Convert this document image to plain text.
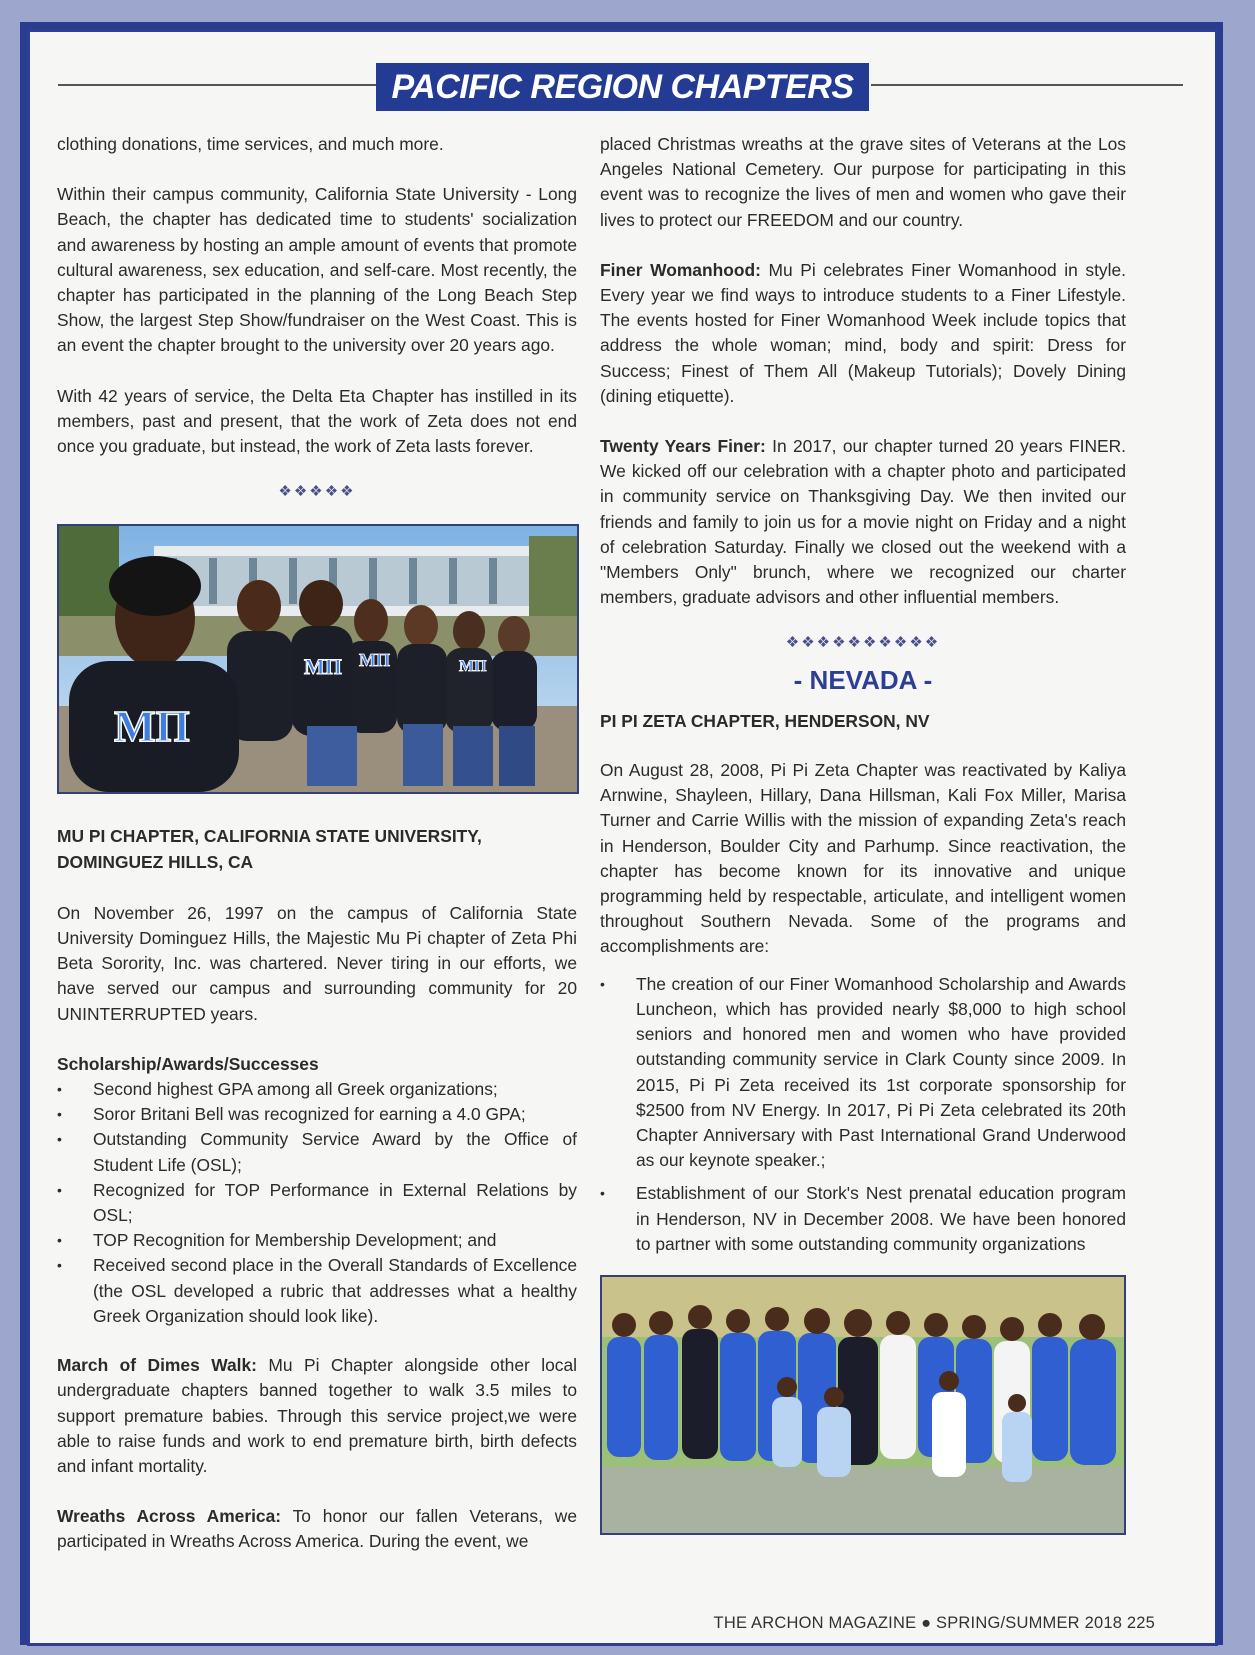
PACIFIC REGION CHAPTERS

clothing donations, time services, and much more.

Within their campus community, California State University - Long Beach, the chapter has dedicated time to students' socialization and awareness by hosting an ample amount of events that promote cultural awareness, sex education, and self-care. Most recently, the chapter has participated in the planning of the Long Beach Step Show, the largest Step Show/fundraiser on the West Coast. This is an event the chapter brought to the university over 20 years ago.

With 42 years of service, the Delta Eta Chapter has instilled in its members, past and present, that the work of Zeta does not end once you graduate, but instead, the work of Zeta lasts forever.

❖❖❖❖❖
ΜΠ
ΜΠ ΜΠ	ΜΠ
MU PI CHAPTER, CALIFORNIA STATE UNIVERSITY,
DOMINGUEZ HILLS, CA

On November 26, 1997 on the campus of California State University Dominguez Hills, the Majestic Mu Pi chapter of Zeta Phi Beta Sorority, Inc. was chartered. Never tiring in our efforts, we have served our campus and surrounding community for 20 UNINTERRUPTED years.

Scholarship/Awards/Successes
• Second highest GPA among all Greek organizations;
• Soror Britani Bell was recognized for earning a 4.0 GPA;
• Outstanding Community Service Award by the Office of Student Life (OSL);
• Recognized for TOP Performance in External Relations by OSL;
• TOP Recognition for Membership Development; and
• Received second place in the Overall Standards of Excellence (the OSL developed a rubric that addresses what a healthy Greek Organization should look like).

March of Dimes Walk: Mu Pi Chapter alongside other local undergraduate chapters banned together to walk 3.5 miles to support premature babies. Through this service project,we were able to raise funds and work to end premature birth, birth defects and infant mortality.

Wreaths Across America: To honor our fallen Veterans, we participated in Wreaths Across America. During the event, we

placed Christmas wreaths at the grave sites of Veterans at the Los Angeles National Cemetery. Our purpose for participating in this event was to recognize the lives of men and women who gave their lives to protect our FREEDOM and our country.

Finer Womanhood: Mu Pi celebrates Finer Womanhood in style. Every year we find ways to introduce students to a Finer Lifestyle. The events hosted for Finer Womanhood Week include topics that address the whole woman; mind, body and spirit: Dress for Success; Finest of Them All (Makeup Tutorials); Dovely Dining (dining etiquette).

Twenty Years Finer: In 2017, our chapter turned 20 years FINER. We kicked off our celebration with a chapter photo and participated in community service on Thanksgiving Day. We then invited our friends and family to join us for a movie night on Friday and a night of celebration Saturday. Finally we closed out the weekend with a "Members Only" brunch, where we recognized our charter members, graduate advisors and other influential members.

❖❖❖❖❖❖❖❖❖❖
- NEVADA -
PI PI ZETA CHAPTER, HENDERSON, NV

On August 28, 2008, Pi Pi Zeta Chapter was reactivated by Kaliya Arnwine, Shayleen, Hillary, Dana Hillsman, Kali Fox Miller, Marisa Turner and Carrie Willis with the mission of expanding Zeta's reach in Henderson, Boulder City and Parhump. Since reactivation, the chapter has become known for its innovative and unique programming held by respectable, articulate, and intelligent women throughout Southern Nevada. Some of the programs and accomplishments are:

• The creation of our Finer Womanhood Scholarship and Awards Luncheon, which has provided nearly $8,000 to high school seniors and honored men and women who have provided outstanding community service in Clark County since 2009. In 2015, Pi Pi Zeta received its 1st corporate sponsorship for $2500 from NV Energy. In 2017, Pi Pi Zeta celebrated its 20th Chapter Anniversary with Past International Grand Underwood as our keynote speaker.;
• Establishment of our Stork's Nest prenatal education program in Henderson, NV in December 2008. We have been honored to partner with some outstanding community organizations
THE ARCHON MAGAZINE ● SPRING/SUMMER 2018 225
